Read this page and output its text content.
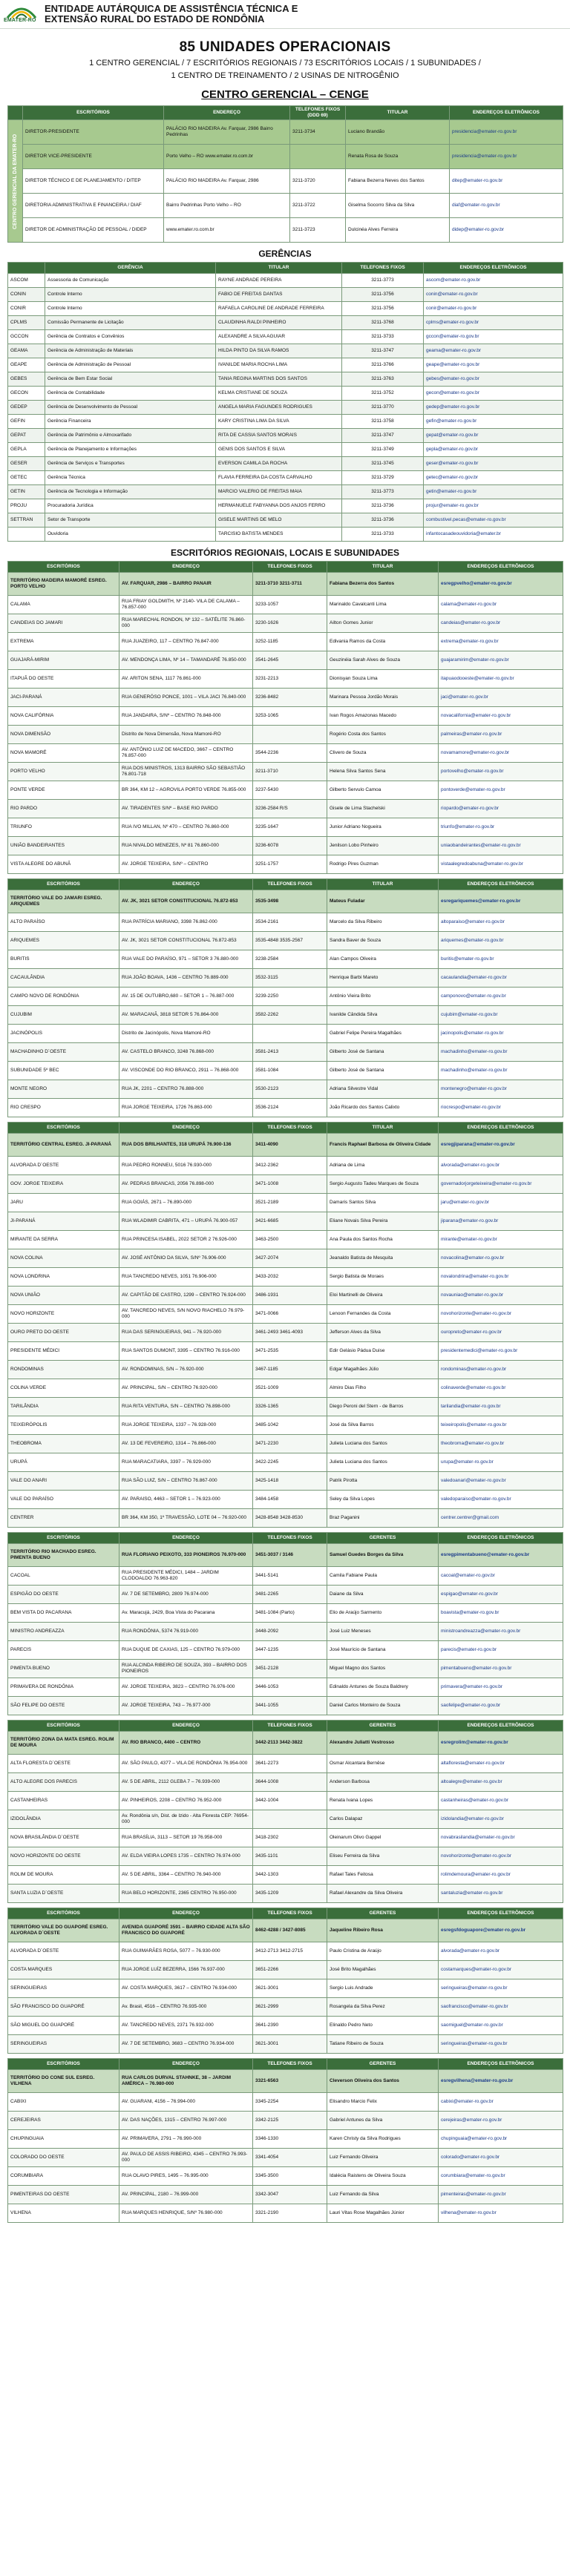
EMATER-RO
ENTIDADE AUTÁRQUICA DE ASSISTÊNCIA TÉCNICA E
EXTENSÃO RURAL DO ESTADO DE RONDÔNIA
85 UNIDADES OPERACIONAIS
1 CENTRO GERENCIAL / 7 ESCRITÓRIOS REGIONAIS / 73 ESCRITÓRIOS LOCAIS / 1 SUBUNIDADES /
1 CENTRO DE TREINAMENTO / 2 USINAS DE NITROGÊNIO
CENTRO GERENCIAL – CENGE
	ESCRITÓRIOS	ENDEREÇO	TELEFONES FIXOS (DDD 69)	TITULAR	ENDEREÇOS ELETRÔNICOS
CENTRO GERENCIAL DA EMATER-RO	DIRETOR-PRESIDENTE	PALÁCIO RIO MADEIRA Av. Farquar, 2986 Bairro Pedrinhas	3211-3734	Luciano Brandão	presidencia@emater-ro.gov.br
	DIRETOR VICE-PRESIDENTE	Porto Velho – RO www.emater.ro.com.br		Renata Rosa de Souza	presidencia@emater-ro.gov.br
	DIRETOR TÉCNICO E DE PLANEJAMENTO / DITEP	PALÁCIO RIO MADEIRA Av. Farquar, 2986	3211-3720	Fabiana Bezerra Neves dos Santos	ditep@emater-ro.gov.br
	DIRETORIA ADMINISTRATIVA E FINANCEIRA / DIAF	Bairro Pedrinhas Porto Velho – RO	3211-3722	Giselma Socorro Silva da Silva	diaf@emater-ro.gov.br
	DIRETOR DE ADMINISTRAÇÃO DE PESSOAL / DIDEP	www.emater.ro.com.br	3211-3723	Dulcinéa Alves Ferreira	didep@emater-ro.gov.br
GERÊNCIAS
	GERÊNCIA	TITULAR	TELEFONES FIXOS	ENDEREÇOS ELETRÔNICOS
ASCOM	Assessoria de Comunicação	RAYNE ANDRADE PEREIRA	3211-3773	ascom@emater-ro.gov.br
CONIN	Controle Interno	FABIO DE FREITAS DANTAS	3211-3756	conin@emater-ro.gov.br
CONIR	Controle Interno	RAFAELA CAROLINE DE ANDRADE FERREIRA	3211-3756	conir@emater-ro.gov.br
CPLMS	Comissão Permanente de Licitação	CLAUDINHA RALDI PINHEIRO	3211-3768	cplms@emater-ro.gov.br
GCCON	Gerência de Contratos e Convênios	ALEXANDRE A SILVA AGUIAR	3211-3733	gccon@emater-ro.gov.br
GEAMA	Gerência de Administração de Materiais	HILDA PINTO DA SILVA RAMOS	3211-3747	geama@emater-ro.gov.br
GEAPE	Gerência de Administração de Pessoal	IVANILDE MARIA ROCHA LIMA	3211-3766	geape@emater-ro.gov.br
GEBES	Gerência de Bem Estar Social	TANIA REGINA MARTINS DOS SANTOS	3211-3763	gebes@emater-ro.gov.br
GECON	Gerência de Contabilidade	KELMA CRISTIANE DE SOUZA	3211-3752	gecon@emater-ro.gov.br
GEDEP	Gerência de Desenvolvimento de Pessoal	ANGELA MARIA FAGUNDES RODRIGUES	3211-3770	gedep@emater-ro.gov.br
GEFIN	Gerência Financeira	KARY CRISTINA LIMA DA SILVA	3211-3758	gefin@emater-ro.gov.br
GEPAT	Gerência de Patrimônio e Almoxarifado	RITA DE CASSIA SANTOS MORAIS	3211-3747	gepat@emater-ro.gov.br
GEPLA	Gerência de Planejamento e Informações	GENIS DOS SANTOS E SILVA	3211-3749	gepla@emater-ro.gov.br
GESER	Gerência de Serviços e Transportes	EVERSON CAMILA DA ROCHA	3211-3745	geser@emater-ro.gov.br
GETEC	Gerência Técnica	FLAVIA FERREIRA DA COSTA CARVALHO	3211-3729	getec@emater-ro.gov.br
GETIN	Gerência de Tecnologia e Informação	MARCIO VALERIO DE FREITAS MAIA	3211-3773	getin@emater-ro.gov.br
PROJU	Procuradoria Jurídica	HERMANUELE FABYANNA DOS ANJOS FERRO	3211-3736	projur@emater-ro.gov.br
SETTRAN	Setor de Transporte	GISELE MARTINS DE MELO	3211-3736	combustivel.pecas@emater-ro.gov.br
	Ouvidoria	TARCISIO BATISTA MENDES	3211-3733	infantocasadeouvidoria@emater.br
ESCRITÓRIOS REGIONAIS, LOCAIS E SUBUNIDADES
ESCRITÓRIOS	ENDEREÇO	TELEFONES FIXOS	TITULAR	ENDEREÇOS ELETRÔNICOS
TERRITÓRIO MADEIRA MAMORÉ ESREG. PORTO VELHO	AV. FARQUAR, 2986 – BAIRRO PANAIR	3211-3710 3211-3711	Fabiana Bezerra dos Santos	esregpvelho@emater-ro.gov.br
CALAMA	RUA FRIAY GOLDMITH, Nº 2140- VILA DE CALAMA – 76.857-000	3233-1057	Marinaldo Cavalcanti Lima	calama@emater-ro.gov.br
CANDEIAS DO JAMARI	RUA MARECHAL RONDON, Nº 132 – SATÉLITE 76.860-000	3230-1626	Ailton Gomes Junior	candeias@emater-ro.gov.br
EXTREMA	RUA JUAZEIRO, 117 – CENTRO 76.847-000	3252-1185	Edivania Ramos da Costa	extrema@emater-ro.gov.br
GUAJARÁ-MIRIM	AV. MENDONÇA LIMA, Nº 14 – TAMANDARÉ 76.850-000	3541-2645	Geuzinéia Sarah Alves de Souza	guajaramirim@emater-ro.gov.br
ITAPUÃ DO OESTE	AV. ARITON SENA, 1117 76.861-000	3231-2213	Dionisyan Souza Lima	itapuaodooeste@emater-ro.gov.br
JACI-PARANÁ	RUA GENERÓSO PONCE, 1001 – VILA JACI 76.840-000	3236-8482	Marinara Pessoa Jordão Morais	jaci@emater-ro.gov.br
NOVA CALIFÓRNIA	RUA JANDAIRA, S/Nº – CENTRO 76.848-000	3253-1065	Ivan Rogos Amazonas Macedo	novacalifornia@emater-ro.gov.br
NOVA DIMENSÃO	Distrito de Nova Dimensão, Nova Mamoré-RO		Rogério Costa dos Santos	palmeiras@emater-ro.gov.br
NOVA MAMORÉ	AV. ANTÔNIO LUIZ DE MACEDO, 3667 – CENTRO 76.857-000	3544-2236	Clivero de Souza	novamamore@emater-ro.gov.br
PORTO VELHO	RUA DOS MINISTROS, 1313 BAIRRO SÃO SEBASTIÃO 76.801-718	3211-3710	Helena Silva Santos Sena	portovelho@emater-ro.gov.br
PONTE VERDE	BR 364, KM 12 – AGROVILA PORTO VERDE 76.855-000	3237-5430	Gilberto Servulo Camoa	pontoverde@emater-ro.gov.br
RIO PARDO	AV. TIRADENTES S/Nº – BASE RIO PARDO	3236-2584 R/S	Gisele de Lima Stachelski	riopardo@emater-ro.gov.br
TRIUNFO	RUA IVO MILLAN, Nº 470 – CENTRO 76.860-000	3235-1647	Junior Adriano Nogueira	triunfo@emater-ro.gov.br
UNIÃO BANDEIRANTES	RUA NIVALDO MENEZES, Nº 81 76.860-000	3236-6078	Jenilson Lobo Pinheiro	uniaobandeirantes@emater-ro.gov.br
VISTA ALEGRE DO ABUNÃ	AV. JORGE TEIXEIRA, S/Nº – CENTRO	3251-1757	Rodrigo Pires Guzman	vistaalegredoabuna@emater-ro.gov.br
ESCRITÓRIOS	ENDEREÇO	TELEFONES FIXOS	TITULAR	ENDEREÇOS ELETRÔNICOS
TERRITÓRIO VALE DO JAMARI ESREG. ARIQUEMES	AV. JK, 3021 SETOR CONSTITUCIONAL 76.872-853	3535-3498	Mateus Fuladar	esregariquemes@emater-ro.gov.br
ALTO PARAÍSO	RUA PATRÍCIA MARIANO, 3398 76.862-000	3534-2161	Marcelo da Silva Ribeiro	altoparaiso@emater-ro.gov.br
ARIQUEMES	AV. JK, 3021 SETOR CONSTITUCIONAL 76.872-853	3535-4848 3535-2567	Sandra Baver de Souza	ariquemes@emater-ro.gov.br
BURITIS	RUA VALE DO PARAÍSO, 971 – SETOR 3 76.880-000	3238-2584	Alan Campos Oliveira	buritis@emater-ro.gov.br
CACAULÂNDIA	RUA JOÃO BOAVA, 1436 – CENTRO 76.889-000	3532-3115	Henrique Barbi Mareto	cacaulandia@emater-ro.gov.br
CAMPO NOVO DE RONDÔNIA	AV. 15 DE OUTUBRO,680 – SETOR 1 – 76.887-000	3239-2250	Antônio Vieira Brito	camponovo@emater-ro.gov.br
CUJUBIM	AV. MARACANÃ, 3818 SETOR 5 76.864-000	3582-2262	Ivanilde Cândida Silva	cujubim@emater-ro.gov.br
JACINÓPOLIS	Distrito de Jacinópolis, Nova Mamoré-RO		Gabriel Felipe Pereira Magalhães	jacinopolis@emater-ro.gov.br
MACHADINHO D´OESTE	AV. CASTELO BRANCO, 3248 76.868-000	3581-2413	Gilberto José de Santana	machadinho@emater-ro.gov.br
SUBUNIDADE 5º BEC	AV. VISCONDE DO RIO BRANCO, 2911 – 76.868-000	3581-1084	Gilberto José de Santana	machadinho@emater-ro.gov.br
MONTE NEGRO	RUA JK, 2201 – CENTRO 76.888-000	3530-2123	Adriana Silvestre Vidal	montenegro@emater-ro.gov.br
RIO CRESPO	RUA JORGE TEIXEIRA, 1726 76.863-000	3536-2124	João Ricardo dos Santos Calixto	riocrespo@emater-ro.gov.br
ESCRITÓRIOS	ENDEREÇO	TELEFONES FIXOS	TITULAR	ENDEREÇOS ELETRÔNICOS
TERRITÓRIO CENTRAL ESREG. JI-PARANÁ	RUA DOS BRILHANTES, 318 URUPÁ 76.900-136	3411-4090	Francis Raphael Barbosa de Oliveira Cidade	esregjiparana@emater-ro.gov.br
ALVORADA D´OESTE	RUA PEDRO RONNEU, 5016 76.930-000	3412-2362	Adriana de Lima	alvorada@emater-ro.gov.br
GOV. JORGE TEIXEIRA	AV. PEDRAS BRANCAS, 2056 76.898-000	3471-1008	Sergio Augusto Tadeu Marques de Souza	governadorjorgeteixeira@emater-ro.gov.br
JARU	RUA GOIÁS, 2671 – 76.890-000	3521-2189	Damaris Santos Silva	jaru@emater-ro.gov.br
JI-PARANÁ	RUA WLADIMIR CABRITA, 471 – URUPÁ 76.900-057	3421-6685	Eliane Novais Silva Pereira	jiparana@emater-ro.gov.br
MIRANTE DA SERRA	RUA PRINCESA ISABEL, 2022 SETOR 2 76.926-000	3463-2500	Ana Paula dos Santos Rocha	mirante@emater-ro.gov.br
NOVA COLINA	AV. JOSÉ ANTÔNIO DA SILVA, S/Nº 76.906-000	3427-2074	Jeanaldo Batista de Mesquita	novacolina@emater-ro.gov.br
NOVA LONDRINA	RUA TANCREDO NEVES, 1051 76.906-000	3433-2032	Sergio Batista de Moraes	novalondrina@emater-ro.gov.br
NOVA UNIÃO	AV. CAPITÃO DE CASTRO, 1299 – CENTRO 76.924-000	3486-1931	Eloi Martinelli de Oliveira	novauniao@emater-ro.gov.br
NOVO HORIZONTE	AV. TANCREDO NEVES, S/N NOVO RIACHELO 76.979-000	3471-0066	Lenoon Fernandes da Costa	novohorizonte@emater-ro.gov.br
OURO PRETO DO OESTE	RUA DAS SERINGUEIRAS, 941 – 76.920-000	3461-2493 3461-4093	Jefferson Alves da Silva	ouropreto@emater-ro.gov.br
PRESIDENTE MÉDICI	RUA SANTOS DUMONT, 3395 – CENTRO 76.916-000	3471-2535	Edir Gelásio Pádua Duise	presidentemedici@emater-ro.gov.br
RONDOMINAS	AV. RONDOMINAS, S/N – 76.920-000	3467-1185	Edgar Magalhães Júlio	rondominas@emater-ro.gov.br
COLINA VERDE	AV. PRINCIPAL, S/N – CENTRO 76.920-000	3521-1009	Almiro Dias Filho	colinaverde@emater-ro.gov.br
TARILÂNDIA	RUA RITA VENTURA, S/N – CENTRO 76.898-000	3326-1365	Diego Peroni del Stern - de Barros	tarilandia@emater-ro.gov.br
TEIXEIRÓPOLIS	RUA JORGE TEIXEIRA, 1337 – 76.928-000	3485-1042	José da Silva Barros	teixeiropolis@emater-ro.gov.br
THEOBROMA	AV. 13 DE FEVEREIRO, 1314 – 76.866-000	3471-2230	Julieta Luciana dos Santos	theobroma@emater-ro.gov.br
URUPÁ	RUA MARACATIARA, 3397 – 76.929-000	3422-2245	Julieta Luciana dos Santos	urupa@emater-ro.gov.br
VALE DO ANARI	RUA SÃO LUIZ, S/N – CENTRO 76.867-000	3425-1418	Patrik Pirotta	valedoanari@emater-ro.gov.br
VALE DO PARAÍSO	AV. PARAISO, 4463 – SETOR 1 – 76.923-000	3484-1458	Seley da Silva Lopes	valedoparaiso@emater-ro.gov.br
CENTRER	BR 364, KM 350, 1º TRAVESSÃO, LOTE 04 – 76.920-000	3428-8548 3428-8530	Braz Paganini	centrer.centrer@gmail.com
ESCRITÓRIOS	ENDEREÇO	TELEFONES FIXOS	GERENTES	ENDEREÇOS ELETRÔNICOS
TERRITÓRIO RIO MACHADO ESREG. PIMENTA BUENO	RUA FLORIANO PEIXOTO, 333 PIONEIROS 76.970-000	3451-3037 / 3146	Samuel Guedes Borges da Silva	esregpimentabueno@emater-ro.gov.br
CACOAL	RUA PRESIDENTE MÉDICI, 1484 – JARDIM CLODOALDO 76.963-820	3441-5141	Camila Fabiane Paula	cacoal@emater-ro.gov.br
ESPIGÃO DO OESTE	AV. 7 DE SETEMBRO, 2809 76.974-000	3481-2265	Daiane da Silva	espigao@emater-ro.gov.br
BEM VISTA DO PACARANA	Av. Maracujá, 2429, Boa Vista do Pacarana	3481-1084 (Parto)	Elio de Araújo Sarmento	boavista@emater-ro.gov.br
MINISTRO ANDREAZZA	RUA RONDÔNIA, 5374 76.919-000	3448-2092	José Luiz Meneses	ministroandreazza@emater-ro.gov.br
PARECIS	RUA DUQUE DE CAXIAS, 125 – CENTRO 76.979-000	3447-1235	José Maurício de Santana	parecis@emater-ro.gov.br
PIMENTA BUENO	RUA ALCINDA RIBEIRO DE SOUZA, 393 – BAIRRO DOS PIONEIROS	3451-2128	Miguel Magno dos Santos	pimentabueno@emater-ro.gov.br
PRIMAVERA DE RONDÔNIA	AV. JORGE TEIXEIRA, 3823 – CENTRO 76.976-000	3446-1053	Edinaldo Antunes de Souza Baldrery	primavera@emater-ro.gov.br
SÃO FELIPE DO OESTE	AV. JORGE TEIXEIRA, 743 – 76.977-000	3441-1055	Daniel Carlos Monteiro de Souza	saofelipe@emater-ro.gov.br
ESCRITÓRIOS	ENDEREÇO	TELEFONES FIXOS	GERENTES	ENDEREÇOS ELETRÔNICOS
TERRITÓRIO ZONA DA MATA ESREG. ROLIM DE MOURA	AV. RIO BRANCO, 4400 – CENTRO	3442-2113 3442-3822	Alexandre Juliatti Vestrosso	esregrolim@emater-ro.gov.br
ALTA FLORESTA D´OESTE	AV. SÃO PAULO, 4377 – VILA DE RONDÔNIA 76.954-000	3641-2273	Osmar Alcantara Bernêse	altafloresta@emater-ro.gov.br
ALTO ALEGRE DOS PARECIS	AV. 5 DE ABRIL, 2112 GLEBA 7 – 76.939-000	3644-1008	Anderson Barbosa	altoalegre@emater-ro.gov.br
CASTANHEIRAS	AV. PINHEIROS, 2208 – CENTRO 76.952-000	3442-1004	Renata Ivana Lopes	castanheiras@emater-ro.gov.br
IZIDOLÂNDIA	Av. Rondônia s/n, Dist. de Izido - Alta Floresta CEP: 76954-000		Carlos Dalapaz	izidolandia@emater-ro.gov.br
NOVA BRASILÂNDIA D´OESTE	RUA BRASÍLIA, 3113 – SETOR 19 76.958-000	3418-2302	Oleinarum Olivo Gappel	novabrasilandia@emater-ro.gov.br
NOVO HORIZONTE DO OESTE	AV. ELDA VIEIRA LOPES 1735 – CENTRO 76.974-000	3435-1101	Eliseu Ferreira da Silva	novohorizonte@emater-ro.gov.br
ROLIM DE MOURA	AV. 5 DE ABRIL, 3364 – CENTRO 76.940-000	3442-1303	Rafael Tales Feitosa	rolimdemoura@emater-ro.gov.br
SANTA LUZIA D´OESTE	RUA BELO HORIZONTE, 2365 CENTRO 76.950-000	3435-1209	Rafael Alexandre da Silva Oliveira	santaluzia@emater-ro.gov.br
ESCRITÓRIOS	ENDEREÇO	TELEFONES FIXOS	GERENTES	ENDEREÇOS ELETRÔNICOS
TERRITÓRIO VALE DO GUAPORÉ ESREG. ALVORADA D´OESTE	AVENIDA GUAPORÉ 3591 – BAIRRO CIDADE ALTA SÃO FRANCISCO DO GUAPORÉ	8462-4288 / 3427-8085	Jaqueline Ribeiro Rosa	esregsfdoguapore@emater-ro.gov.br
ALVORADA D´OESTE	RUA GUIMARÃES ROSA, 5077 – 76.930-000	3412-2713 3412-2715	Paulo Cristina de Araújo	alvorada@emater-ro.gov.br
COSTA MARQUES	RUA JORGE LUÍZ BEZERRA, 1566 76.937-000	3651-2266	José Brito Magalhães	costamarques@emater-ro.gov.br
SERINGUEIRAS	AV. COSTA MARQUES, 3617 – CENTRO 76.934-000	3621-3001	Sergio Luis Andrade	seringueiras@emater-ro.gov.br
SÃO FRANCISCO DO GUAPORÉ	Av. Brasil, 4516 – CENTRO 76.935-000	3621-2999	Rosangela da Silva Perez	saofrancisco@emater-ro.gov.br
SÃO MIGUEL DO GUAPORÉ	AV. TANCREDO NEVES, 2371 76.932-000	3641-2390	Elinaldo Pedro Neto	saomiguel@emater-ro.gov.br
SERINGUEIRAS	AV. 7 DE SETEMBRO, 3683 – CENTRO 76.934-000	3621-3001	Tatiane Ribeiro de Souza	seringueiras@emater-ro.gov.br
ESCRITÓRIOS	ENDEREÇO	TELEFONES FIXOS	GERENTES	ENDEREÇOS ELETRÔNICOS
TERRITÓRIO DO CONE SUL ESREG. VILHENA	RUA CARLOS DURVAL STAHNKE, 38 – JARDIM AMÉRICA – 76.980-000	3321-6563	Cleverson Oliveira dos Santos	esregvilhena@emater-ro.gov.br
CABIXI	AV. GUARANI, 4156 – 76.994-000	3345-2254	Elisandro Marcio Felix	cabixi@emater-ro.gov.br
CEREJEIRAS	AV. DAS NAÇÕES, 1315 – CENTRO 76.997-000	3342-2125	Gabriel Antunes da Silva	cerejeiras@emater-ro.gov.br
CHUPINGUAIA	AV. PRIMAVERA, 2791 – 76.990-000	3346-1330	Karen Christy da Silva Rodrigues	chupinguaia@emater-ro.gov.br
COLORADO DO OESTE	AV. PAULO DE ASSIS RIBEIRO, 4345 – CENTRO 76.993-000	3341-4054	Luiz Fernando Oliveira	colorado@emater-ro.gov.br
CORUMBIARA	RUA OLAVO PIRES, 1495 – 76.995-000	3345-3500	Idalécia Raistens de Oliveira Souza	corumbiara@emater-ro.gov.br
PIMENTEIRAS DO OESTE	AV. PRINCIPAL, 2180 – 76.999-000	3342-3047	Luiz Fernando da Silva	pimenteiras@emater-ro.gov.br
VILHENA	RUA MARQUES HENRIQUE, S/Nº 76.980-000	3321-2190	Lauri Vitas Rose Magalhães Júnior	vilhena@emater-ro.gov.br
